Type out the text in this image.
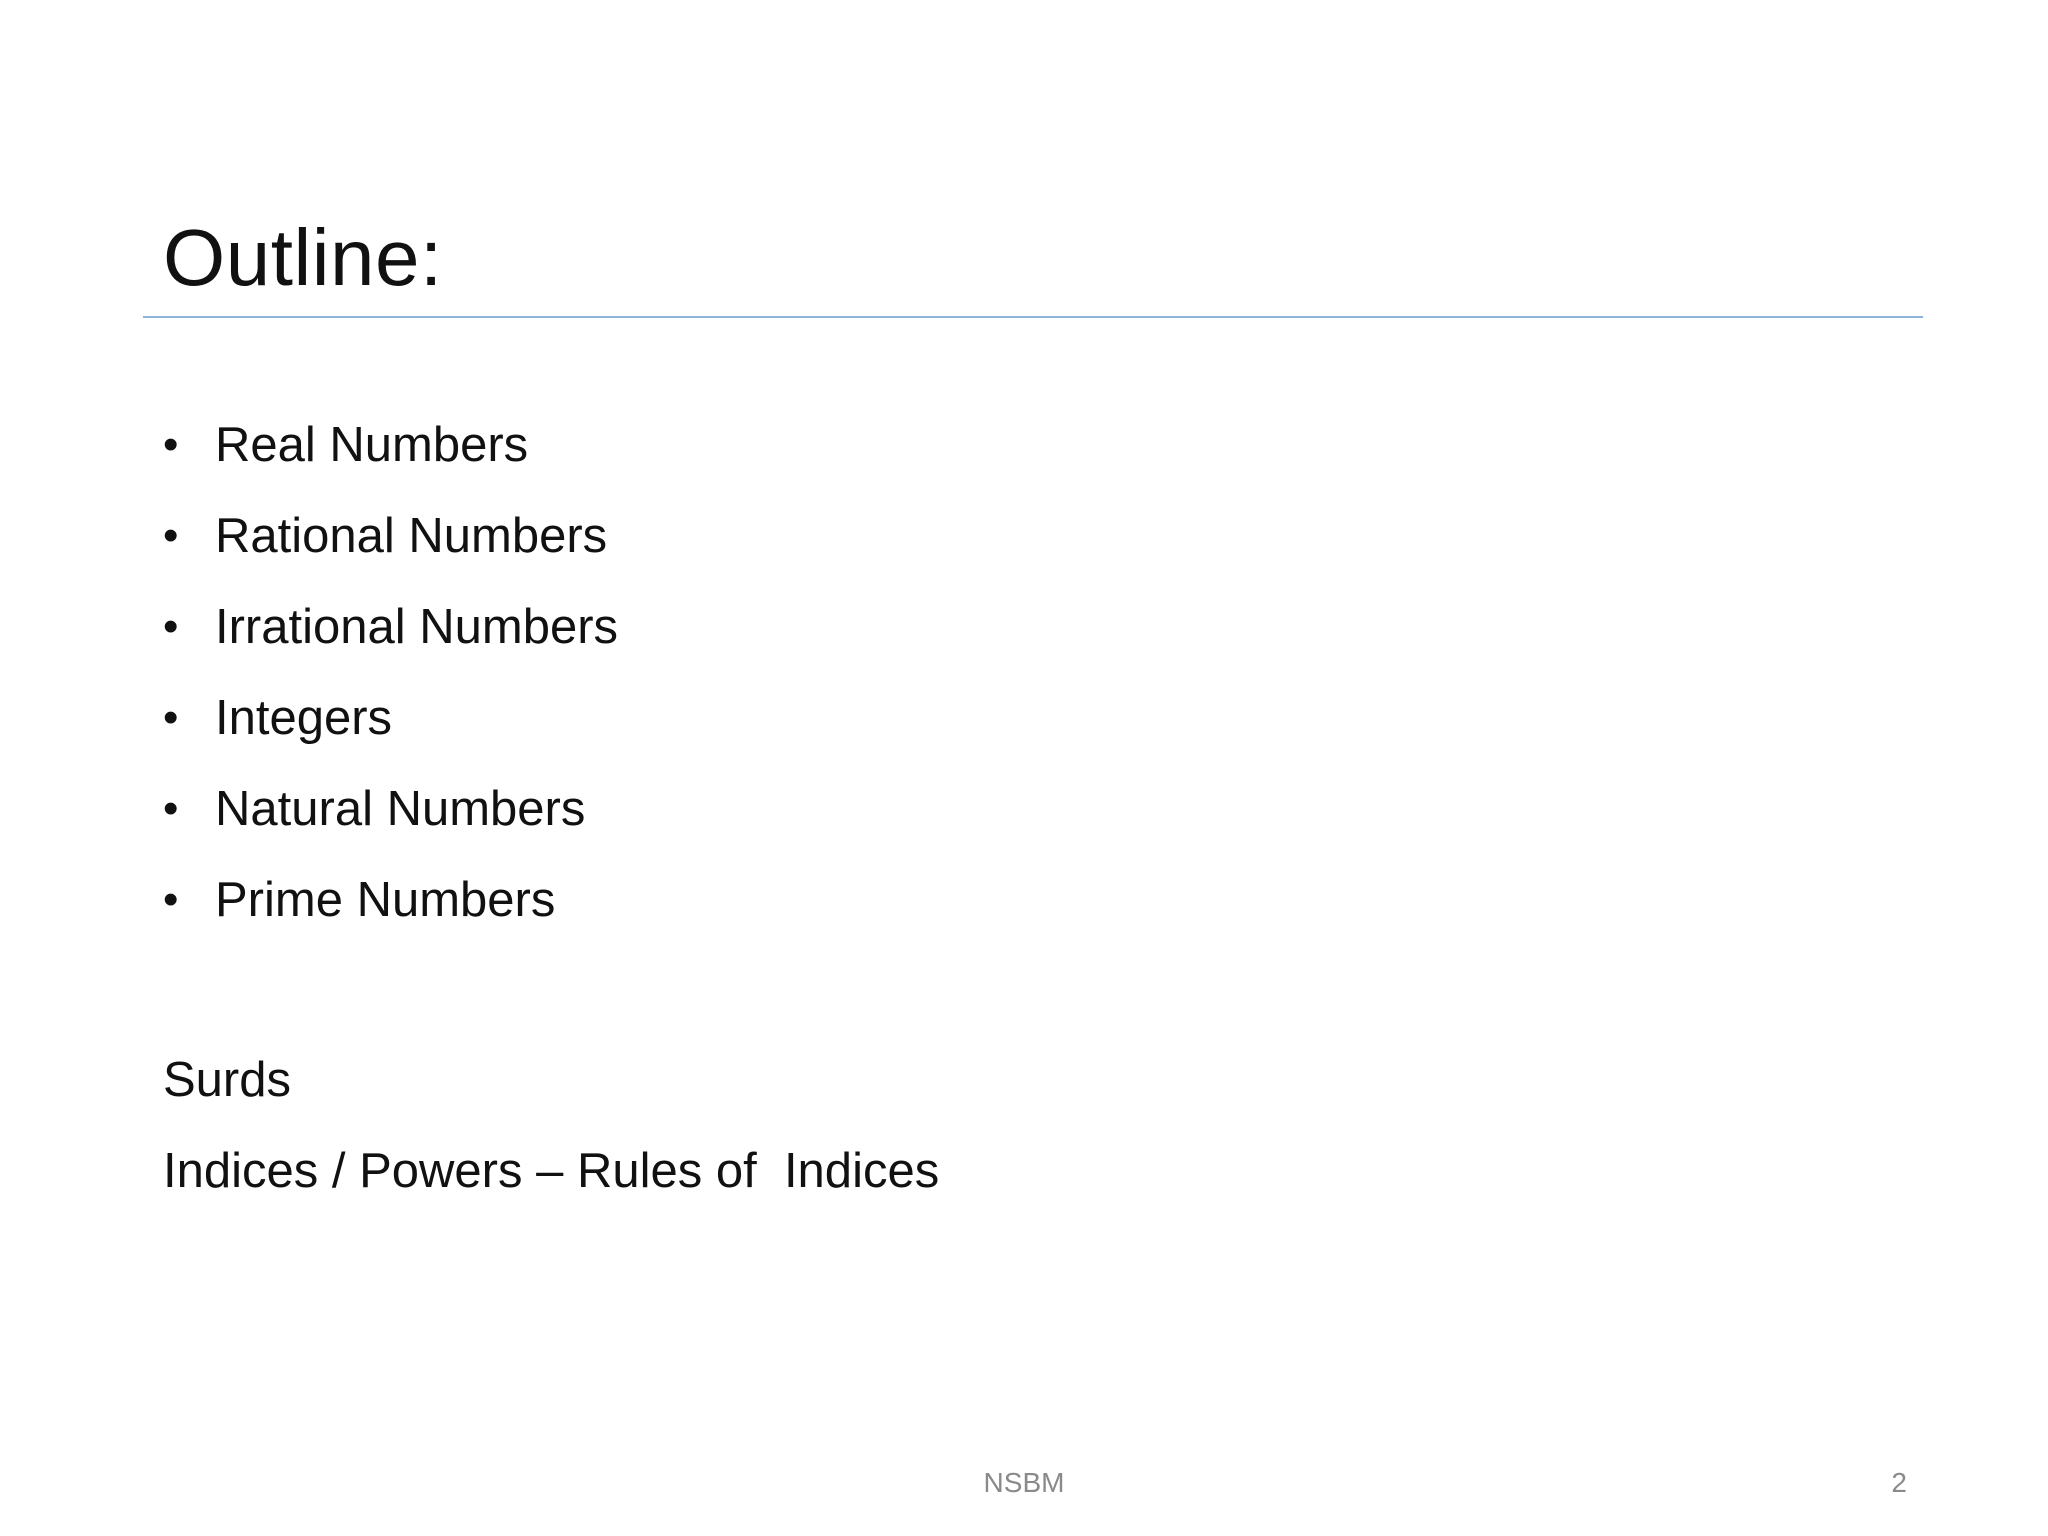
Outline:
• Real Numbers
• Rational Numbers
• Irrational Numbers
• Integers
• Natural Numbers
• Prime Numbers
Surds
Indices / Powers – Rules of  Indices
NSBM	2
